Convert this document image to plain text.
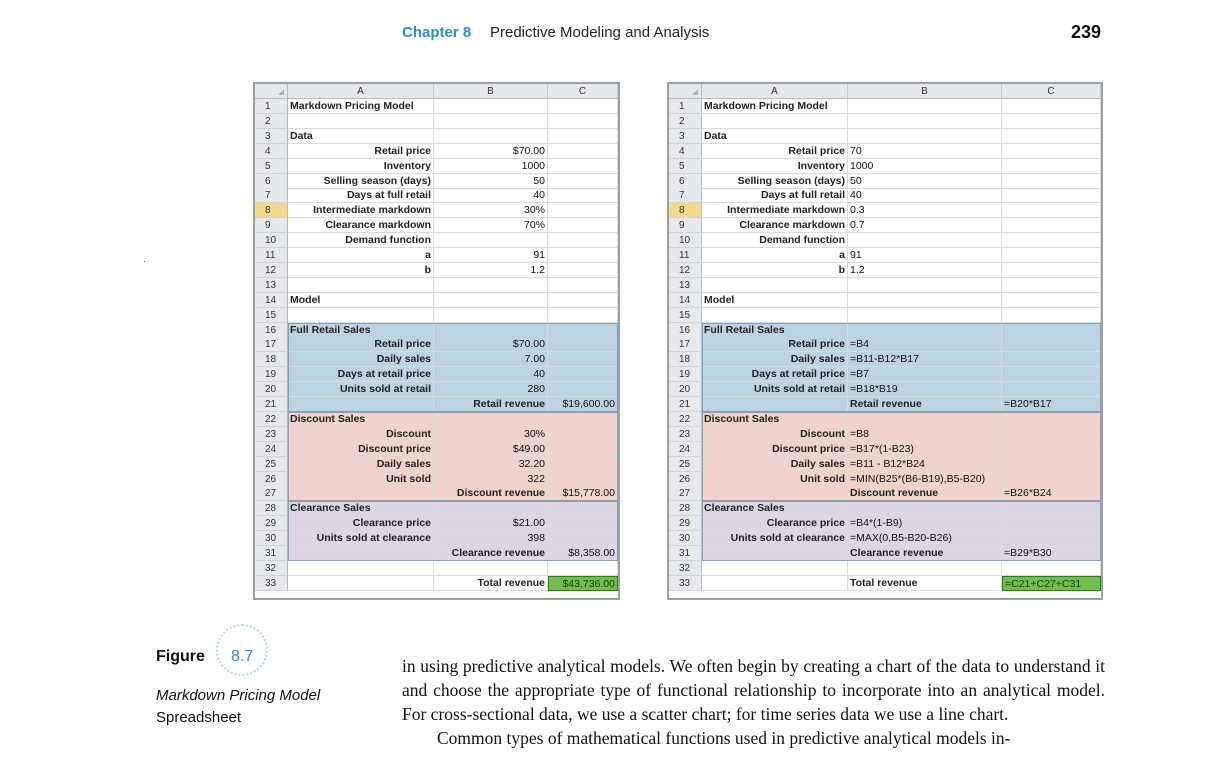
Chapter 8 Predictive Modeling and Analysis	239
.
A	B	C
1	Markdown Pricing Model
2
3	Data
4	Retail price	$70.00
5	Inventory	1000
6	Selling season (days)	50
7	Days at full retail	40
8	Intermediate markdown	30%
9	Clearance markdown	70%
10	Demand function
11	a	91
12	b	1.2
13
14	Model
15
16	Full Retail Sales
17	Retail price	$70.00
18	Daily sales	7.00
19	Days at retail price	40
20	Units sold at retail	280
21	Retail revenue	$19,600.00
22	Discount Sales
23	Discount	30%
24	Discount price	$49.00
25	Daily sales	32.20
26	Unit sold	322
27	Discount revenue	$15,778.00
28	Clearance Sales
29	Clearance price	$21.00
30	Units sold at clearance	398
31	Clearance revenue	$8,358.00
32
33	Total revenue	$43,736.00
A	B	C
1	Markdown Pricing Model
2
3	Data
4	Retail price 70
5	Inventory 1000
6	Selling season (days) 50
7	Days at full retail 40
8	Intermediate markdown 0.3
9	Clearance markdown 0.7
10	Demand function
11	a 91
12	b 1.2
13
14	Model
15
16	Full Retail Sales
17	Retail price =B4
18	Daily sales =B11-B12*B17
19	Days at retail price =B7
20	Units sold at retail =B18*B19
21	Retail revenue	=B20*B17
22	Discount Sales
23	Discount =B8
24	Discount price =B17*(1-B23)
25	Daily sales =B11 - B12*B24
26	Unit sold =MIN(B25*(B6-B19),B5-B20)
27	Discount revenue	=B26*B24
28	Clearance Sales
29	Clearance price =B4*(1-B9)
30	Units sold at clearance =MAX(0,B5-B20-B26)
31	Clearance revenue	=B29*B30
32
33	Total revenue	=C21+C27+C31
Figure 8.7
Markdown Pricing Model
Spreadsheet

in using predictive analytical models. We often begin by creating a chart of the data to understand it and choose the appropriate type of functional relationship to incorporate into an analytical model. For cross-sectional data, we use a scatter chart; for time series data we use a line chart.

Common types of mathematical functions used in predictive analytical models in-
